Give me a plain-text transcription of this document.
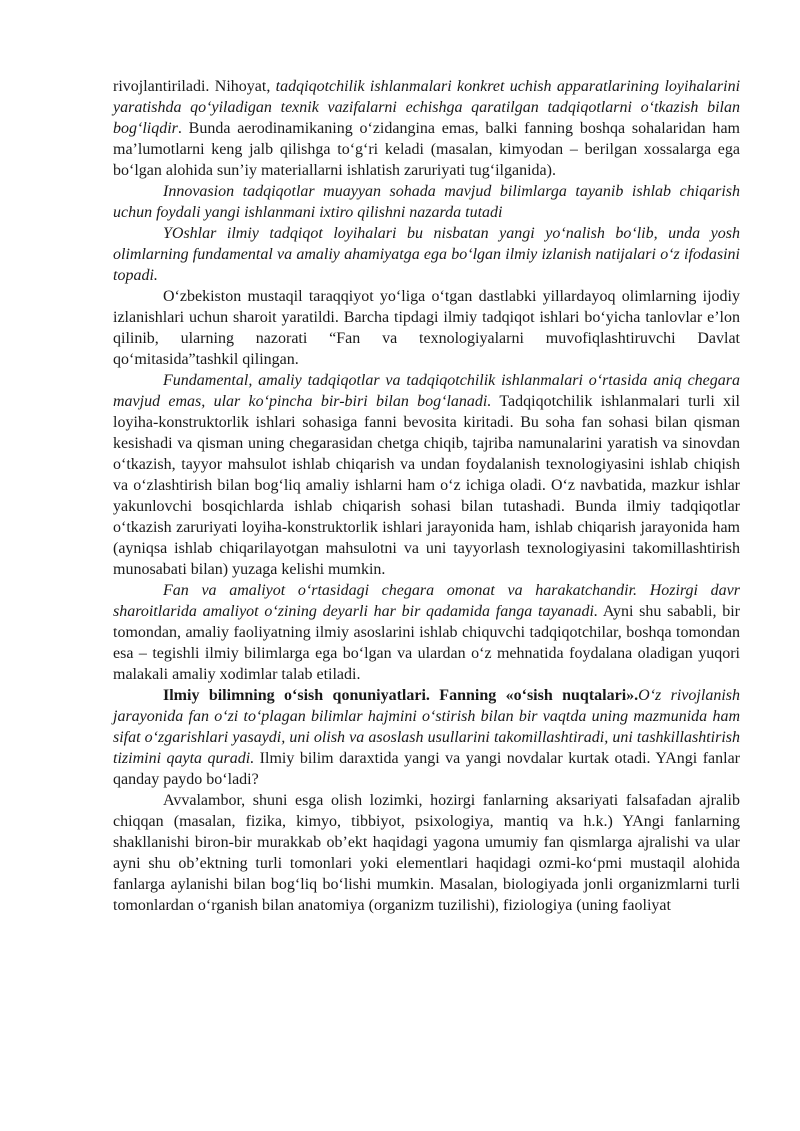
rivojlantiriladi. Nihoyat, tadqiqotchilik ishlanmalari konkret uchish apparatlarining loyihalarini yaratishda qo‘yiladigan texnik vazifalarni echishga qaratilgan tadqiqotlarni o‘tkazish bilan bog‘liqdir. Bunda aerodinamikaning o‘zidangina emas, balki fanning boshqa sohalaridan ham ma’lumotlarni keng jalb qilishga to‘g‘ri keladi (masalan, kimyodan – berilgan xossalarga ega bo‘lgan alohida sun’iy materiallarni ishlatish zaruriyati tug‘ilganida).

Innovasion tadqiqotlar muayyan sohada mavjud bilimlarga tayanib ishlab chiqarish uchun foydali yangi ishlanmani ixtiro qilishni nazarda tutadi

YOshlar ilmiy tadqiqot loyihalari bu nisbatan yangi yo‘nalish bo‘lib, unda yosh olimlarning fundamental va amaliy ahamiyatga ega bo‘lgan ilmiy izlanish natijalari o‘z ifodasini topadi.

O‘zbekiston mustaqil taraqqiyot yo‘liga o‘tgan dastlabki yillardayoq olimlarning ijodiy izlanishlari uchun sharoit yaratildi. Barcha tipdagi ilmiy tadqiqot ishlari bo‘yicha tanlovlar e’lon qilinib, ularning nazorati “Fan va texnologiyalarni muvofiqlashtiruvchi Davlat qo‘mitasida”tashkil qilingan.

Fundamental, amaliy tadqiqotlar va tadqiqotchilik ishlanmalari o‘rtasida aniq chegara mavjud emas, ular ko‘pincha bir-biri bilan bog‘lanadi. Tadqiqotchilik ishlanmalari turli xil loyiha-konstruktorlik ishlari sohasiga fanni bevosita kiritadi. Bu soha fan sohasi bilan qisman kesishadi va qisman uning chegarasidan chetga chiqib, tajriba namunalarini yaratish va sinovdan o‘tkazish, tayyor mahsulot ishlab chiqarish va undan foydalanish texnologiyasini ishlab chiqish va o‘zlashtirish bilan bog‘liq amaliy ishlarni ham o‘z ichiga oladi. O‘z navbatida, mazkur ishlar yakunlovchi bosqichlarda ishlab chiqarish sohasi bilan tutashadi. Bunda ilmiy tadqiqotlar o‘tkazish zaruriyati loyiha-konstruktorlik ishlari jarayonida ham, ishlab chiqarish jarayonida ham (ayniqsa ishlab chiqarilayotgan mahsulotni va uni tayyorlash texnologiyasini takomillashtirish munosabati bilan) yuzaga kelishi mumkin.

Fan va amaliyot o‘rtasidagi chegara omonat va harakatchandir. Hozirgi davr sharoitlarida amaliyot o‘zining deyarli har bir qadamida fanga tayanadi. Ayni shu sababli, bir tomondan, amaliy faoliyatning ilmiy asoslarini ishlab chiquvchi tadqiqotchilar, boshqa tomondan esa – tegishli ilmiy bilimlarga ega bo‘lgan va ulardan o‘z mehnatida foydalana oladigan yuqori malakali amaliy xodimlar talab etiladi.

Ilmiy bilimning o‘sish qonuniyatlari. Fanning «o‘sish nuqtalari».O‘z rivojlanish jarayonida fan o‘zi to‘plagan bilimlar hajmini o‘stirish bilan bir vaqtda uning mazmunida ham sifat o‘zgarishlari yasaydi, uni olish va asoslash usullarini takomillashtiradi, uni tashkillashtirish tizimini qayta quradi. Ilmiy bilim daraxtida yangi va yangi novdalar kurtak otadi. YAngi fanlar qanday paydo bo‘ladi?

Avvalambor, shuni esga olish lozimki, hozirgi fanlarning aksariyati falsafadan ajralib chiqqan (masalan, fizika, kimyo, tibbiyot, psixologiya, mantiq va h.k.) YAngi fanlarning shakllanishi biron-bir murakkab ob’ekt haqidagi yagona umumiy fan qismlarga ajralishi va ular ayni shu ob’ektning turli tomonlari yoki elementlari haqidagi ozmi-ko‘pmi mustaqil alohida fanlarga aylanishi bilan bog‘liq bo‘lishi mumkin. Masalan, biologiyada jonli organizmlarni turli tomonlardan o‘rganish bilan anatomiya (organizm tuzilishi), fiziologiya (uning faoliyat
